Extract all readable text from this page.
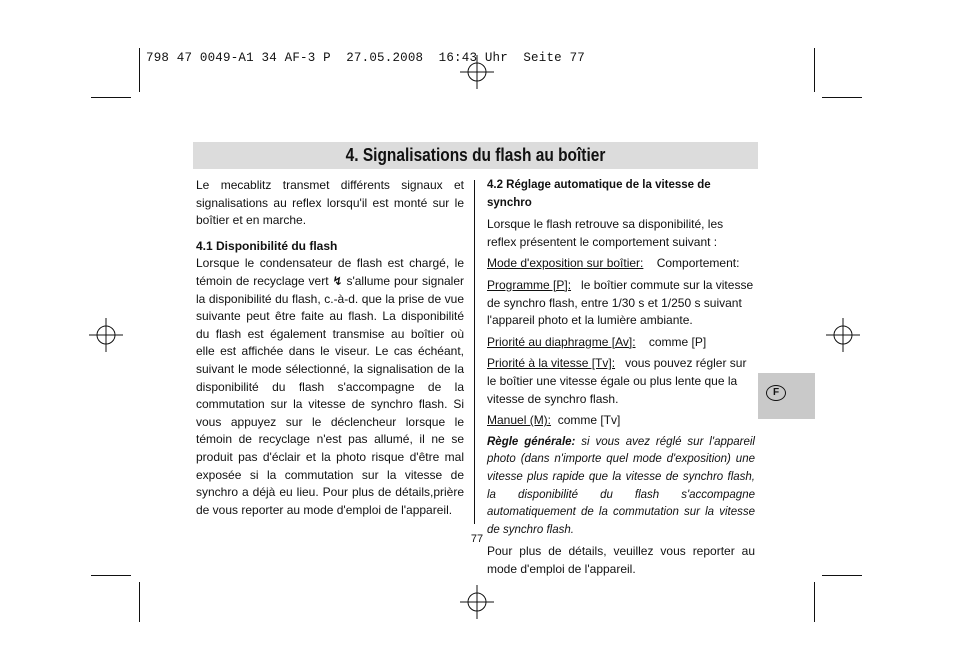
798 47 0049-A1 34 AF-3 P  27.05.2008  16:43 Uhr  Seite 77
4. Signalisations du flash au boîtier

Le mecablitz transmet différents signaux et signalisations au reflex lorsqu'il est monté sur le boîtier et en marche.

4.1 Disponibilité du flash

Lorsque le condensateur de flash est chargé, le témoin de recyclage vert ↯ s'allume pour signaler la disponibilité du flash, c.-à-d. que la prise de vue suivante peut être faite au flash. La disponibilité du flash est également transmise au boîtier où elle est affichée dans le viseur. Le cas échéant, suivant le mode sélectionné, la signalisation de la disponibilité du flash s'accompagne de la commutation sur la vitesse de synchro flash. Si vous appuyez sur le déclencheur lorsque le témoin de recyclage n'est pas allumé, il ne se produit pas d'éclair et la photo risque d'être mal exposée si la commutation sur la vitesse de synchro a déjà eu lieu. Pour plus de détails,prière de vous reporter au mode d'emploi de l'appareil.

4.2 Réglage automatique de la vitesse de synchro

Lorsque le flash retrouve sa disponibilité, les reflex présentent le comportement suivant :

Mode d'exposition sur boîtier: Comportement:

Programme [P]: le boîtier commute sur la vitesse de synchro flash, entre 1/30 s et 1/250 s suivant l'appareil photo et la lumière ambiante.

Priorité au diaphragme [Av]: comme [P]

Priorité à la vitesse [Tv]: vous pouvez régler sur le boîtier une vitesse égale ou plus lente que la vitesse de synchro flash.

Manuel (M): comme [Tv]

Règle générale: si vous avez réglé sur l'appareil photo (dans n'importe quel mode d'exposition) une vitesse plus rapide que la vitesse de synchro flash, la disponibilité du flash s'accompagne automatiquement de la commutation sur la vitesse de synchro flash.

Pour plus de détails, veuillez vous reporter au mode d'emploi de l'appareil.

F
77
